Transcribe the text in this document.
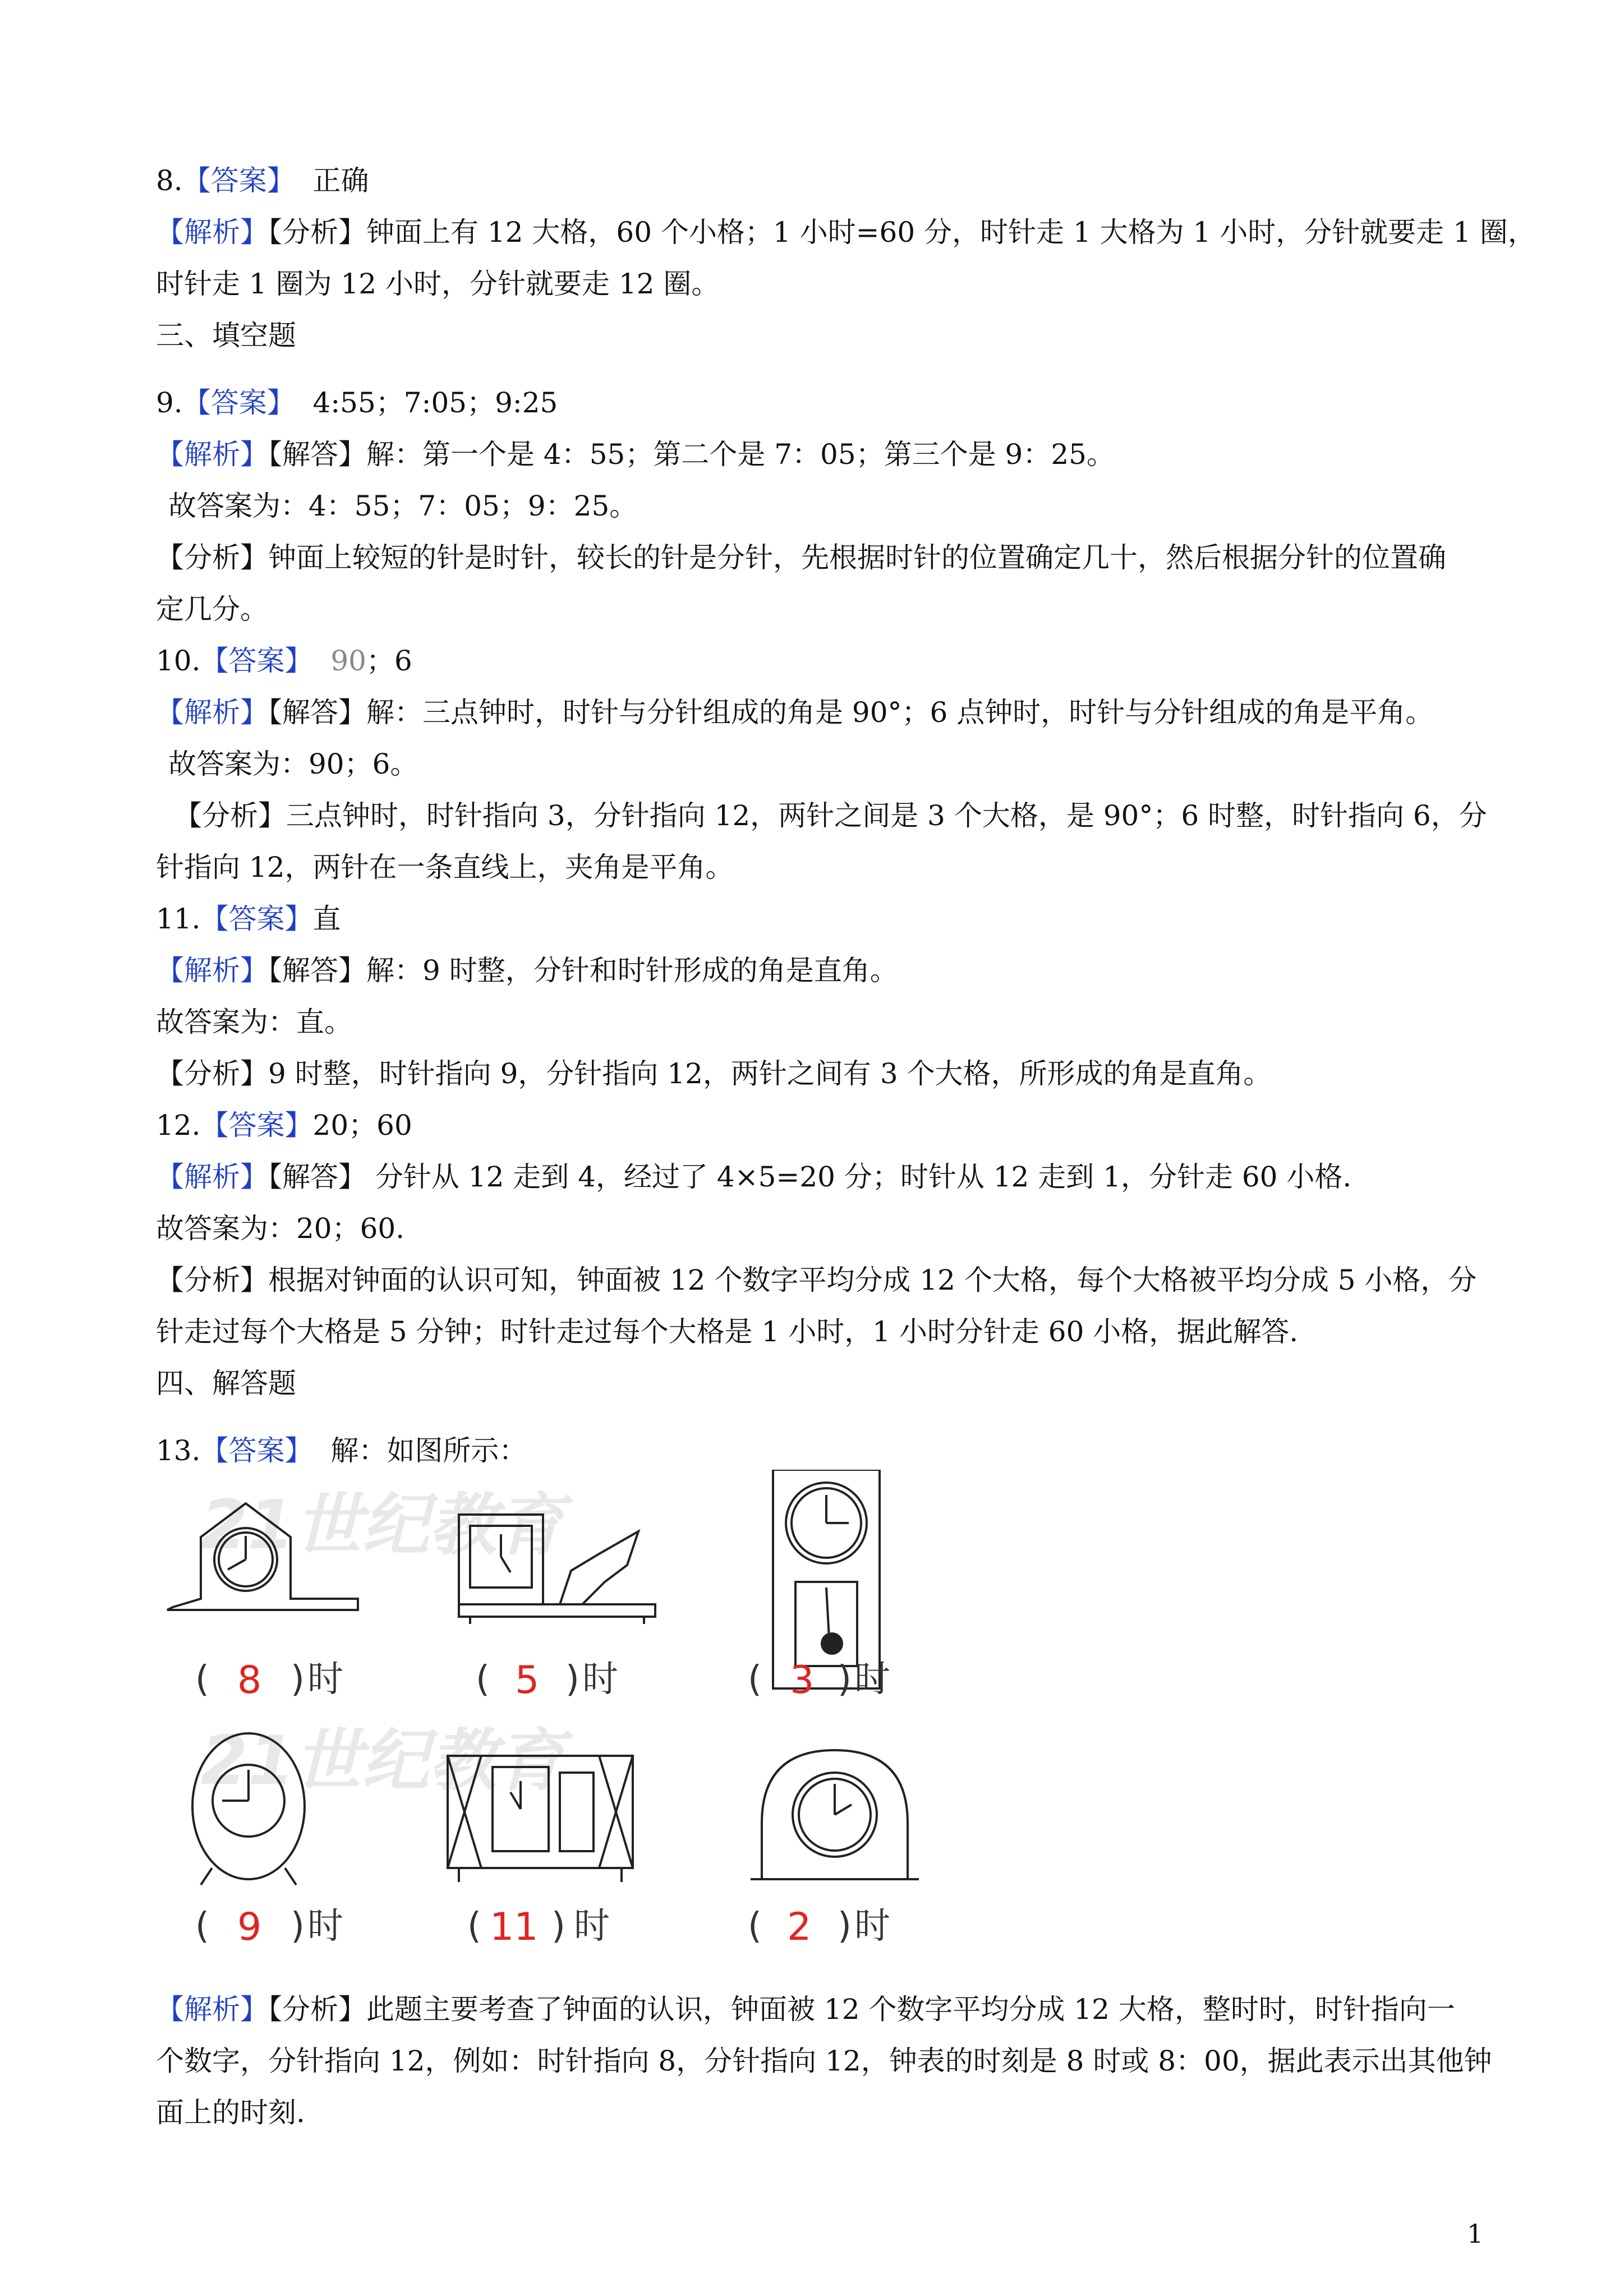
8.【答案】 正确
【解析】【分析】钟面上有 12 大格，60 个小格；1 小时=60 分，时针走 1 大格为 1 小时，分针就要走 1 圈，
时针走 1 圈为 12 小时，分针就要走 12 圈。
三、填空题
9.【答案】 4:55；7:05；9:25
【解析】【解答】解：第一个是 4：55；第二个是 7：05；第三个是 9：25。
故答案为：4：55；7：05；9：25。
【分析】钟面上较短的针是时针，较长的针是分针，先根据时针的位置确定几十，然后根据分针的位置确
定几分。
10.【答案】 90；6
【解析】【解答】解：三点钟时，时针与分针组成的角是 90°；6 点钟时，时针与分针组成的角是平角。
故答案为：90；6。
【分析】三点钟时，时针指向 3，分针指向 12，两针之间是 3 个大格，是 90°；6 时整，时针指向 6，分
针指向 12，两针在一条直线上，夹角是平角。
11.【答案】直
【解析】【解答】解：9 时整，分针和时针形成的角是直角。
故答案为：直。
【分析】9 时整，时针指向 9，分针指向 12，两针之间有 3 个大格，所形成的角是直角。
12.【答案】20；60
【解析】【解答】 分针从 12 走到 4，经过了 4×5=20 分；时针从 12 走到 1，分针走 60 小格.
故答案为：20；60.
【分析】根据对钟面的认识可知，钟面被 12 个数字平均分成 12 个大格，每个大格被平均分成 5 小格，分
针走过每个大格是 5 分钟；时针走过每个大格是 1 小时，1 小时分针走 60 小格，据此解答.
四、解答题
13.【答案】 解：如图所示：
21世纪教育
21世纪教育
( 8 ) 时	( 5 ) 时	( 3 ) 时
( 9 ) 时	( 11 ) 时	( 2 ) 时
【解析】【分析】此题主要考查了钟面的认识，钟面被 12 个数字平均分成 12 大格，整时时，时针指向一
个数字，分针指向 12，例如：时针指向 8，分针指向 12，钟表的时刻是 8 时或 8：00，据此表示出其他钟
面上的时刻.
1
